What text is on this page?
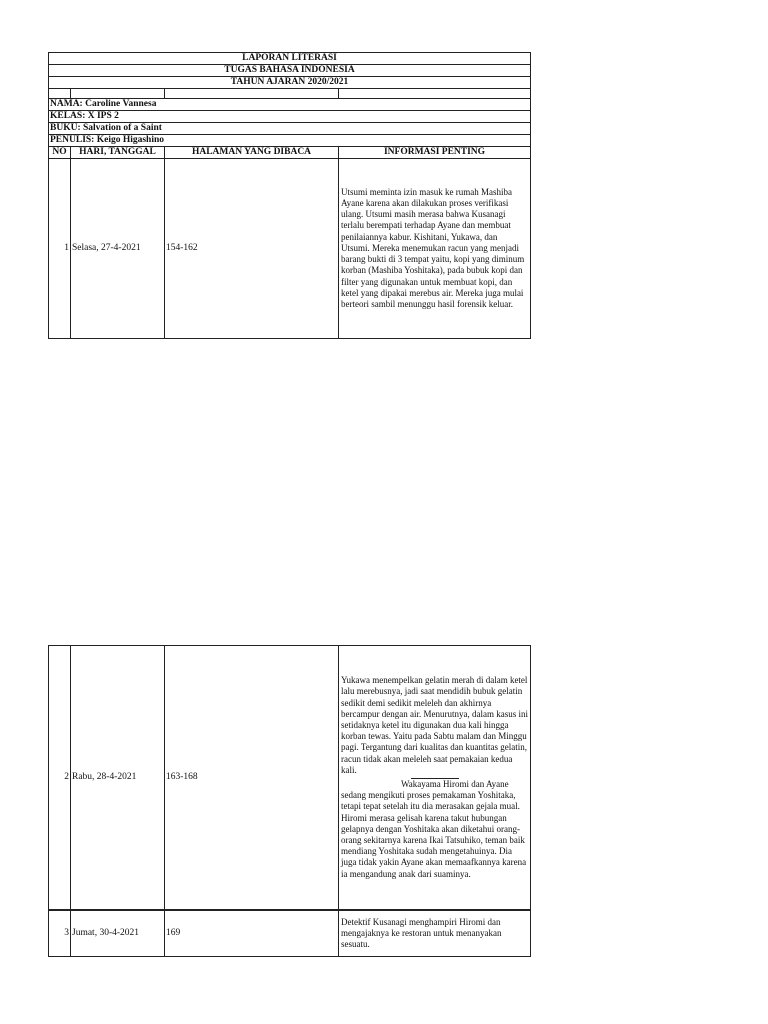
LAPORAN LITERASI			
TUGAS BAHASA INDONESIA			
TAHUN AJARAN 2020/2021			

NAMA: Caroline Vannesa			
KELAS: X IPS 2			
BUKU: Salvation of a Saint			
PENULIS: Keigo Higashino			
NO	HARI, TANGGAL	HALAMAN YANG DIBACA	INFORMASI PENTING
1	Selasa, 27-4-2021	154-162	Utsumi meminta izin masuk ke rumah Mashiba Ayane karena akan dilakukan proses verifikasi ulang. Utsumi masih merasa bahwa Kusanagi terlalu berempati terhadap Ayane dan membuat penilaiannya kabur. Kishitani, Yukawa, dan Utsumi. Mereka menemukan racun yang menjadi barang bukti di 3 tempat yaitu, kopi yang diminum korban (Mashiba Yoshitaka), pada bubuk kopi dan filter yang digunakan untuk membuat kopi, dan ketel yang dipakai merebus air. Mereka juga mulai berteori sambil menunggu hasil forensik keluar.
2	Rabu, 28-4-2021	163-168	Yukawa menempelkan gelatin merah di dalam ketel lalu merebusnya, jadi saat mendidih bubuk gelatin sedikit demi sedikit meleleh dan akhirnya bercampur dengan air. Menurutnya, dalam kasus ini setidaknya ketel itu digunakan dua kali hingga korban tewas. Yaitu pada Sabtu malam dan Minggu pagi. Tergantung dari kualitas dan kuantitas gelatin, racun tidak akan meleleh saat pemakaian kedua kali.
Wakayama Hiromi dan Ayane sedang mengikuti proses pemakaman Yoshitaka, tetapi tepat setelah itu dia merasakan gejala mual. Hiromi merasa gelisah karena takut hubungan gelapnya dengan Yoshitaka akan diketahui orang-orang sekitarnya karena Ikai Tatsuhiko, teman baik mendiang Yoshitaka sudah mengetahuinya. Dia juga tidak yakin Ayane akan memaafkannya karena ia mengandung anak dari suaminya.
3	Jumat, 30-4-2021	169	Detektif Kusanagi menghampiri Hiromi dan mengajaknya ke restoran untuk menanyakan sesuatu.
